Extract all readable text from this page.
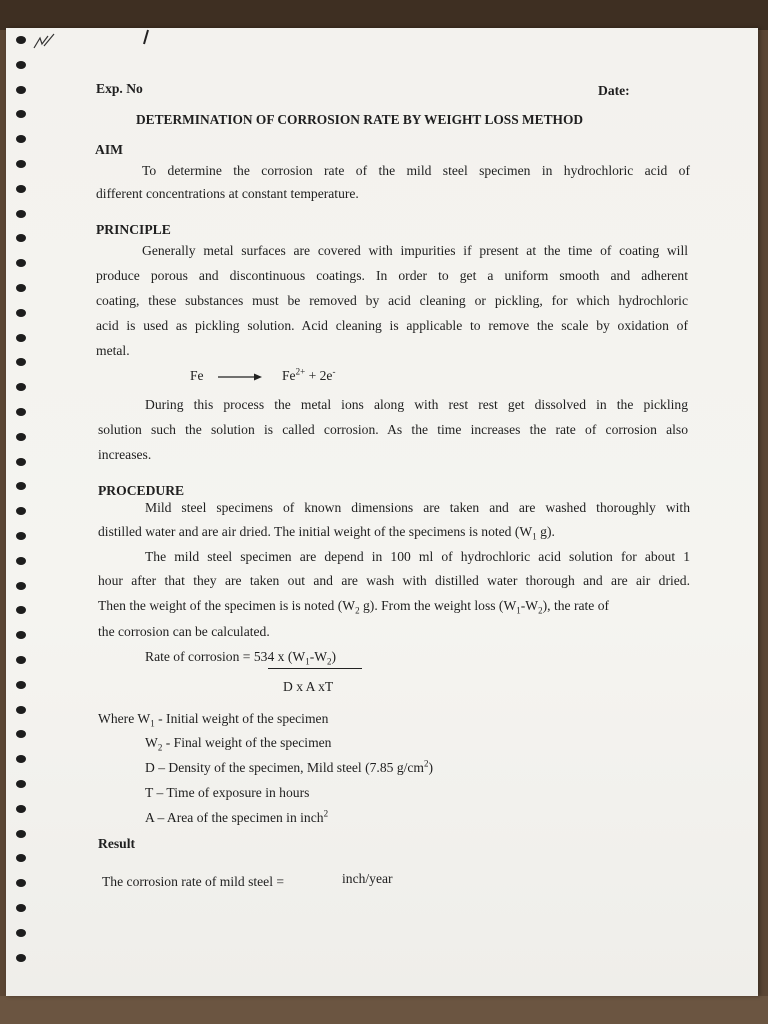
Exp. No	Date:
DETERMINATION OF CORROSION RATE BY WEIGHT LOSS METHOD
AIM
To determine the corrosion rate of the mild steel specimen in hydrochloric acid of
different concentrations at constant temperature.
PRINCIPLE
Generally metal surfaces are covered with impurities if present at the time of coating will
produce porous and discontinuous coatings. In order to get a uniform smooth and adherent
coating, these substances must be removed by acid cleaning or pickling, for which hydrochloric
acid is used as pickling solution. Acid cleaning is applicable to remove the scale by oxidation of
metal.
$Fe \to Fe^{2+} + 2e^-$
During this process the metal ions along with rest rest get dissolved in the pickling
solution such the solution is called corrosion. As the time increases the rate of corrosion also
increases.
PROCEDURE
Mild steel specimens of known dimensions are taken and are washed thoroughly with
distilled water and are air dried. The initial weight of the specimens is noted ($W_1$ g).
The mild steel specimen are depend in 100 ml of hydrochloric acid solution for about 1
hour after that they are taken out and are wash with distilled water thorough and are air dried.
Then the weight of the specimen is is noted ($W_2$ g). From the weight loss $(W_1-W_2)$, the rate of
the corrosion can be calculated.
Rate of corrosion = 534 x $(W_1-W_2)$
D x A xT
Where $W_1$ - Initial weight of the specimen
$W_2$ - Final weight of the specimen
D – Density of the specimen, Mild steel (7.85 $g/cm^2$)
T – Time of exposure in hours
A – Area of the specimen in inch$^2$
Result
The corrosion rate of mild steel =	inch/year
